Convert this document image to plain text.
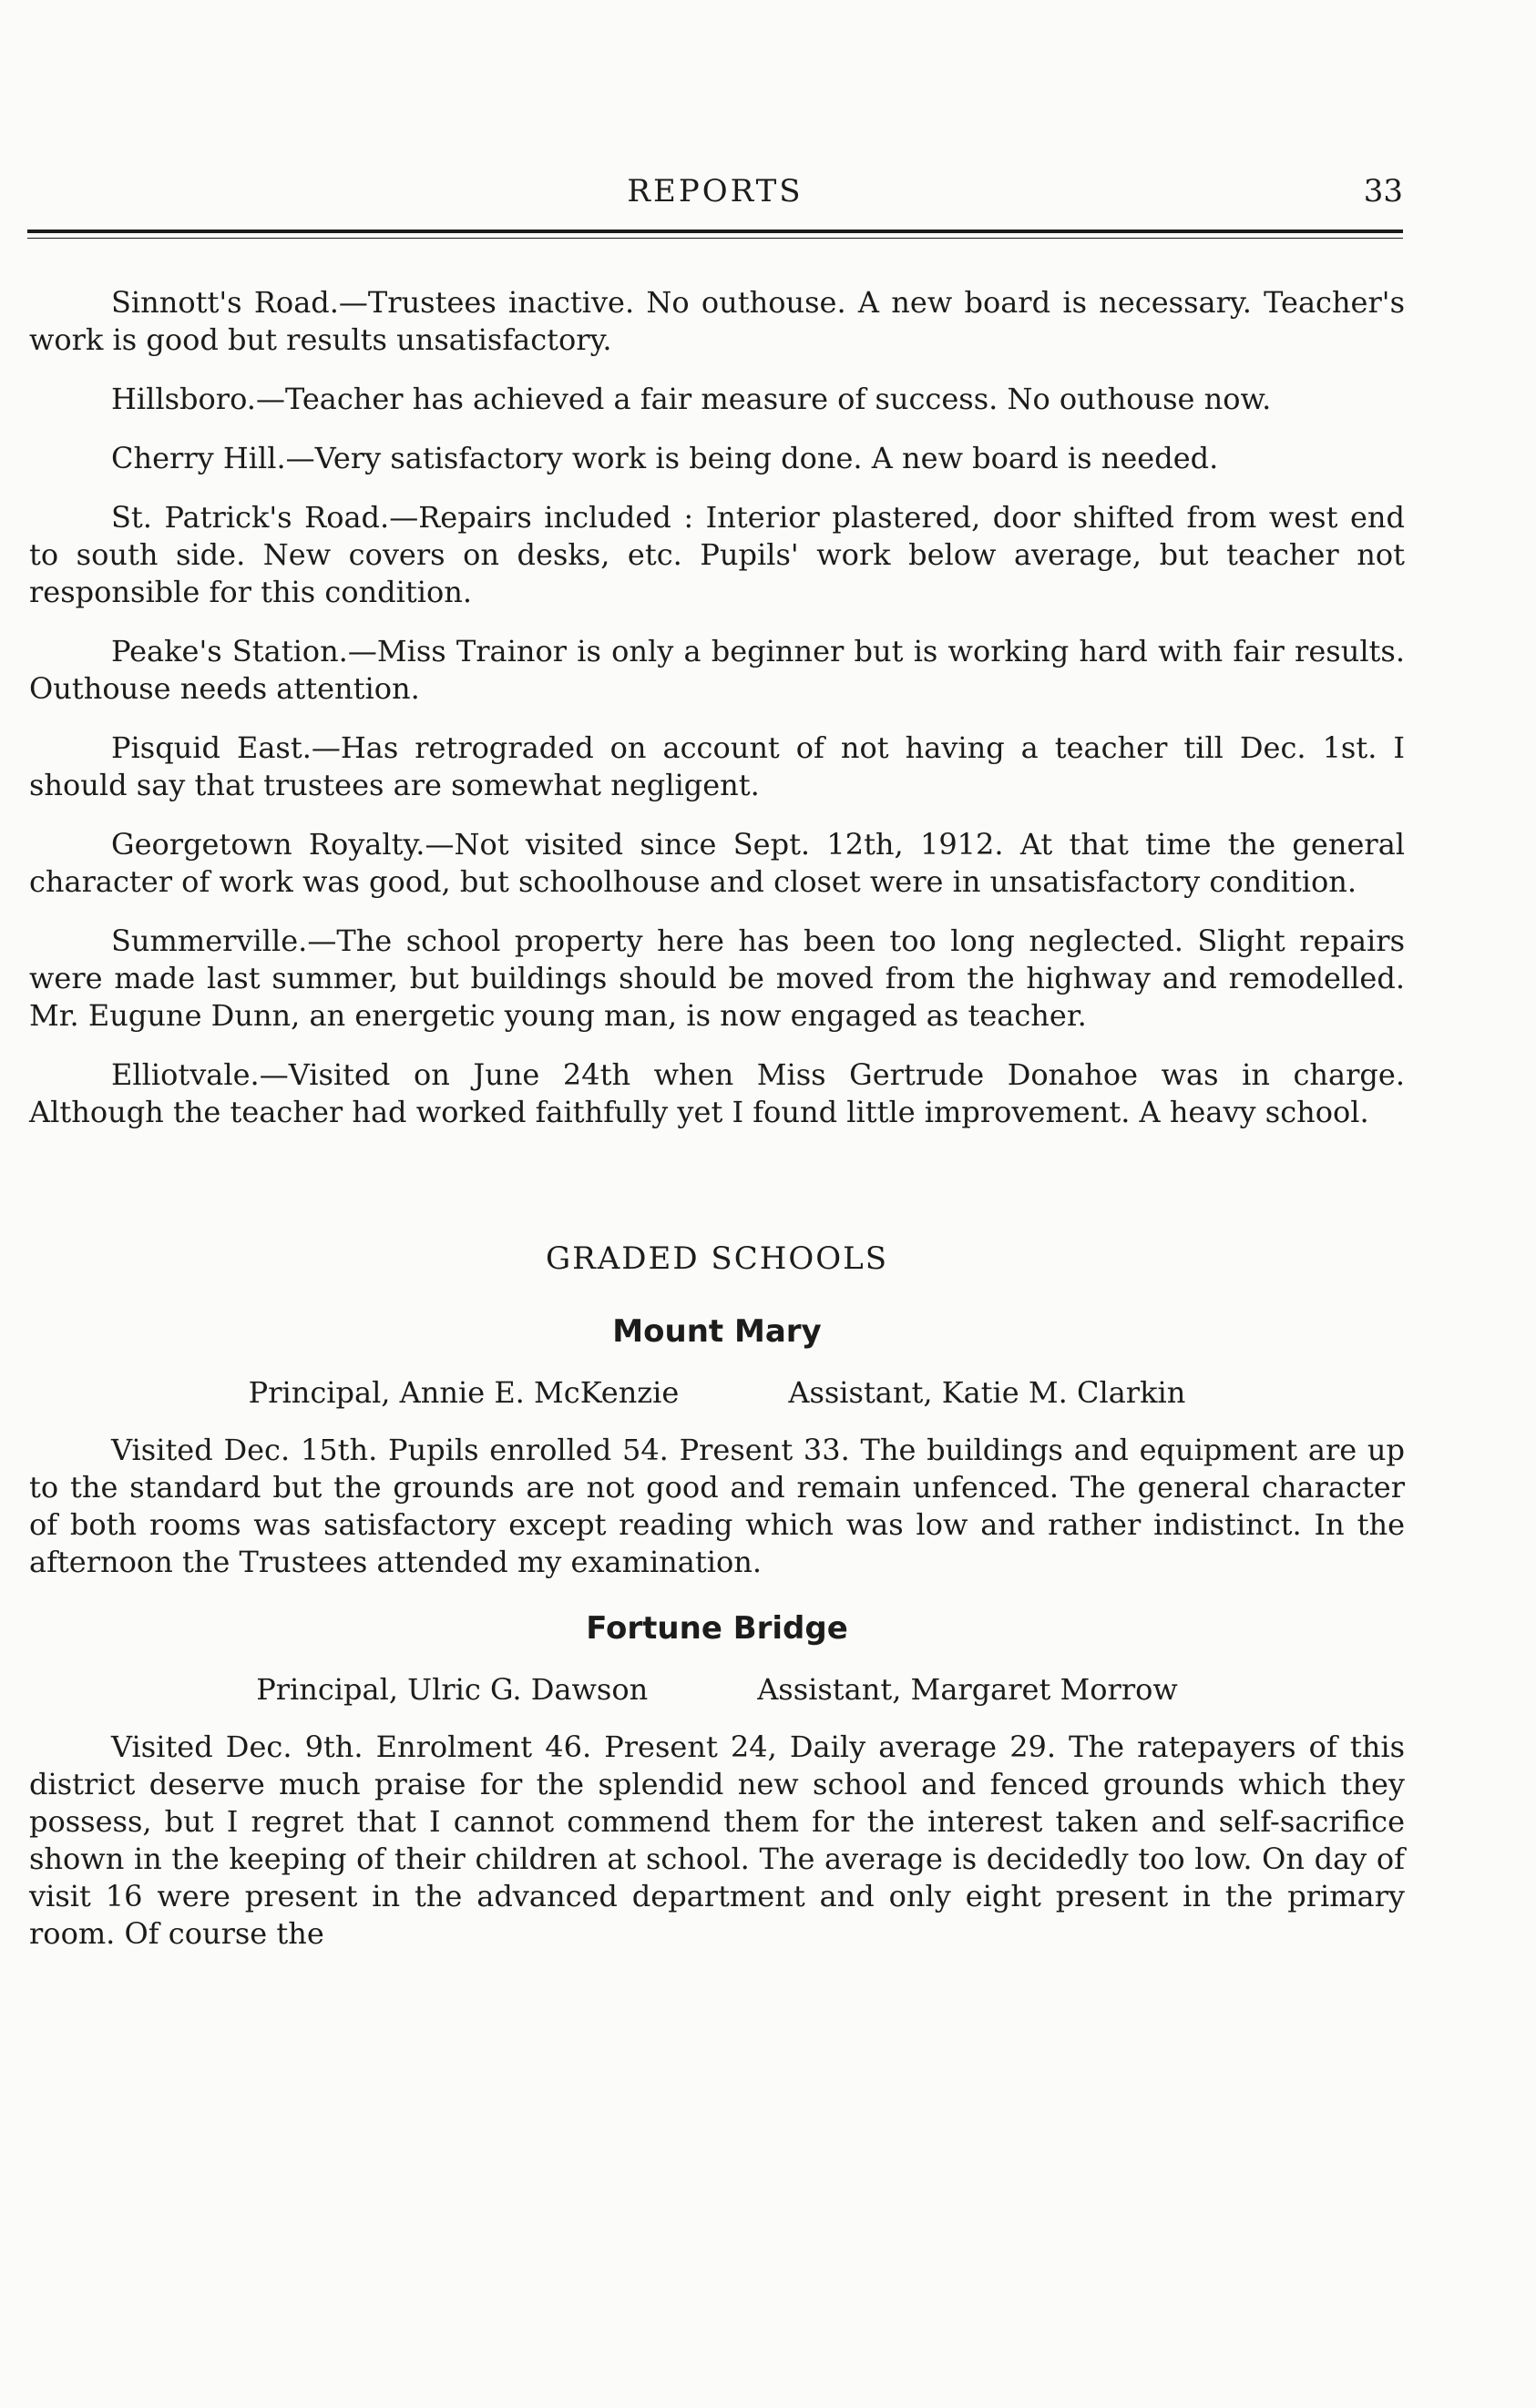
REPORTS	33

Sinnott's Road.—Trustees inactive. No outhouse. A new board is necessary. Teacher's work is good but results unsatisfactory.

Hillsboro.—Teacher has achieved a fair measure of success. No outhouse now.

Cherry Hill.—Very satisfactory work is being done. A new board is needed.

St. Patrick's Road.—Repairs included : Interior plastered, door shifted from west end to south side. New covers on desks, etc. Pupils' work below average, but teacher not responsible for this condition.

Peake's Station.—Miss Trainor is only a beginner but is working hard with fair results. Outhouse needs attention.

Pisquid East.—Has retrograded on account of not having a teacher till Dec. 1st. I should say that trustees are somewhat negligent.

Georgetown Royalty.—Not visited since Sept. 12th, 1912. At that time the general character of work was good, but schoolhouse and closet were in unsatisfactory condition.

Summerville.—The school property here has been too long neglected. Slight repairs were made last summer, but buildings should be moved from the highway and remodelled. Mr. Eugune Dunn, an energetic young man, is now engaged as teacher.

Elliotvale.—Visited on June 24th when Miss Gertrude Donahoe was in charge. Although the teacher had worked faithfully yet I found little improvement. A heavy school.

GRADED SCHOOLS
Mount Mary
Principal, Annie E. McKenzie	Assistant, Katie M. Clarkin

Visited Dec. 15th. Pupils enrolled 54. Present 33. The buildings and equipment are up to the standard but the grounds are not good and remain unfenced. The general character of both rooms was satisfactory except reading which was low and rather indistinct. In the afternoon the Trustees attended my examination.

Fortune Bridge
Principal, Ulric G. Dawson	Assistant, Margaret Morrow

Visited Dec. 9th. Enrolment 46. Present 24, Daily average 29. The ratepayers of this district deserve much praise for the splendid new school and fenced grounds which they possess, but I regret that I cannot commend them for the interest taken and self-sacrifice shown in the keeping of their children at school. The average is decidedly too low. On day of visit 16 were present in the advanced department and only eight present in the primary room. Of course the
